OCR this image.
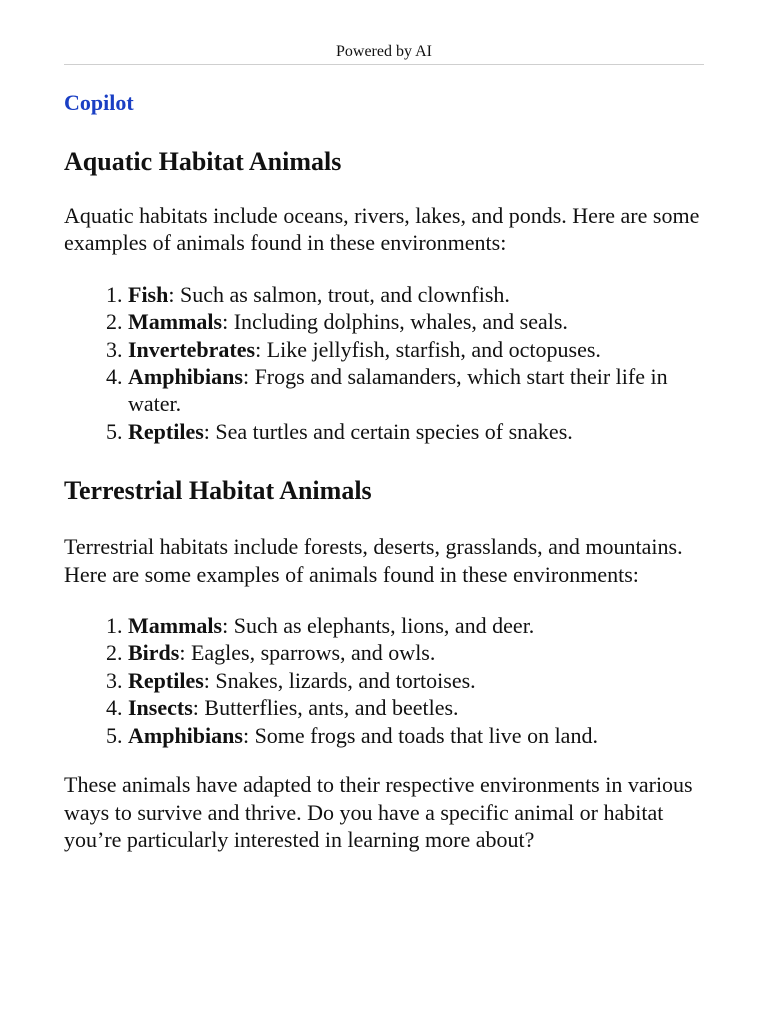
Powered by AI
Copilot
Aquatic Habitat Animals

Aquatic habitats include oceans, rivers, lakes, and ponds. Here are some examples of animals found in these environments:

1. Fish: Such as salmon, trout, and clownfish.
2. Mammals: Including dolphins, whales, and seals.
3. Invertebrates: Like jellyfish, starfish, and octopuses.
4. Amphibians: Frogs and salamanders, which start their life in water.
5. Reptiles: Sea turtles and certain species of snakes.
Terrestrial Habitat Animals

Terrestrial habitats include forests, deserts, grasslands, and mountains. Here are some examples of animals found in these environments:

1. Mammals: Such as elephants, lions, and deer.
2. Birds: Eagles, sparrows, and owls.
3. Reptiles: Snakes, lizards, and tortoises.
4. Insects: Butterflies, ants, and beetles.
5. Amphibians: Some frogs and toads that live on land.

These animals have adapted to their respective environments in various ways to survive and thrive. Do you have a specific animal or habitat you’re particularly interested in learning more about?
